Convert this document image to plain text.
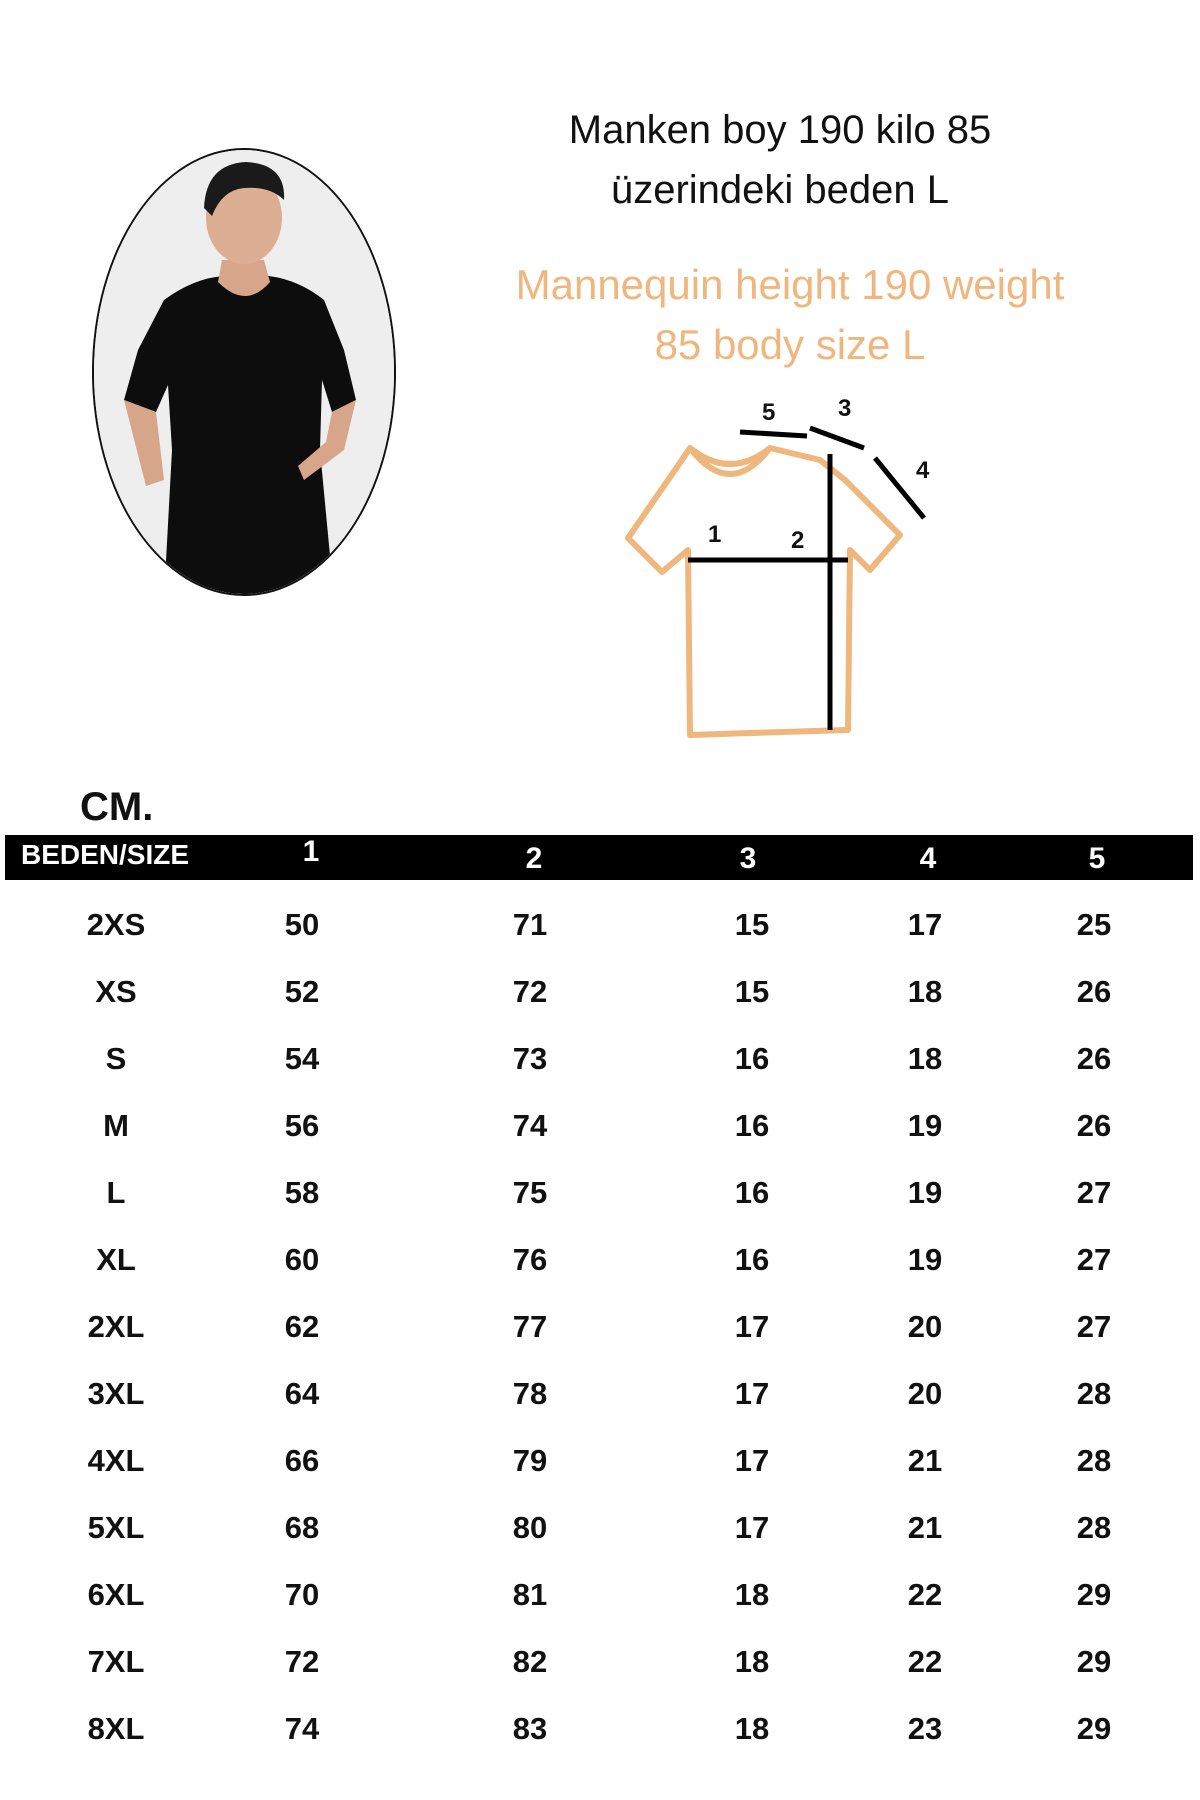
Manken boy 190 kilo 85
üzerindeki beden L
Mannequin height 190 weight
85 body size L
1	2
3
4
5
CM.
BEDEN/SIZE	1	2	3	4	5
2XS	50	71	15	17	25
XS	52	72	15	18	26
S	54	73	16	18	26
M	56	74	16	19	26
L	58	75	16	19	27
XL	60	76	16	19	27
2XL	62	77	17	20	27
3XL	64	78	17	20	28
4XL	66	79	17	21	28
5XL	68	80	17	21	28
6XL	70	81	18	22	29
7XL	72	82	18	22	29
8XL	74	83	18	23	29
